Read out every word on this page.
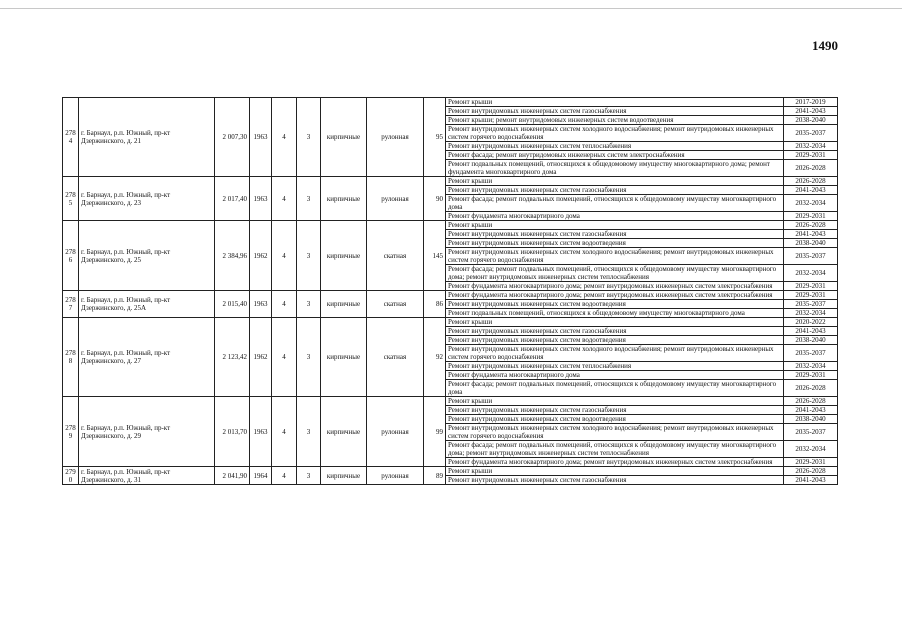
1490
278
4	г. Барнаул, р.п. Южный, пр-кт Дзержинского, д. 21	2 007,30	1963	4	3	кирпичные	рулонная	95	Ремонт крыши	2017-2019
									Ремонт внутридомовых инженерных систем газоснабжения	2041-2043
									Ремонт крыши; ремонт внутридомовых инженерных систем водоотведения	2038-2040
									Ремонт внутридомовых инженерных систем холодного водоснабжения; ремонт внутридомовых инженерных систем горячего водоснабжения	2035-2037
									Ремонт внутридомовых инженерных систем теплоснабжения	2032-2034
									Ремонт фасада; ремонт внутридомовых инженерных систем электроснабжения	2029-2031
									Ремонт подвальных помещений, относящихся к общедомовому имуществу многоквартирного дома; ремонт фундамента многоквартирного дома	2026-2028
278
5	г. Барнаул, р.п. Южный, пр-кт Дзержинского, д. 23	2 017,40	1963	4	3	кирпичные	рулонная	90	Ремонт крыши	2026-2028
									Ремонт внутридомовых инженерных систем газоснабжения	2041-2043
									Ремонт фасада; ремонт подвальных помещений, относящихся к общедомовому имуществу многоквартирного дома	2032-2034
									Ремонт фундамента многоквартирного дома	2029-2031
278
6	г. Барнаул, р.п. Южный, пр-кт Дзержинского, д. 25	2 384,96	1962	4	3	кирпичные	скатная	145	Ремонт крыши	2026-2028
									Ремонт внутридомовых инженерных систем газоснабжения	2041-2043
									Ремонт внутридомовых инженерных систем водоотведения	2038-2040
									Ремонт внутридомовых инженерных систем холодного водоснабжения; ремонт внутридомовых инженерных систем горячего водоснабжения	2035-2037
									Ремонт фасада; ремонт подвальных помещений, относящихся к общедомовому имуществу многоквартирного дома; ремонт внутридомовых инженерных систем теплоснабжения	2032-2034
									Ремонт фундамента многоквартирного дома; ремонт внутридомовых инженерных систем электроснабжения	2029-2031
278
7	г. Барнаул, р.п. Южный, пр-кт Дзержинского, д. 25А	2 015,40	1963	4	3	кирпичные	скатная	86	Ремонт фундамента многоквартирного дома; ремонт внутридомовых инженерных систем электроснабжения	2029-2031
									Ремонт внутридомовых инженерных систем водоотведения	2035-2037
									Ремонт подвальных помещений, относящихся к общедомовому имуществу многоквартирного дома	2032-2034
278
8	г. Барнаул, р.п. Южный, пр-кт Дзержинского, д. 27	2 123,42	1962	4	3	кирпичные	скатная	92	Ремонт крыши	2020-2022
									Ремонт внутридомовых инженерных систем газоснабжения	2041-2043
									Ремонт внутридомовых инженерных систем водоотведения	2038-2040
									Ремонт внутридомовых инженерных систем холодного водоснабжения; ремонт внутридомовых инженерных систем горячего водоснабжения	2035-2037
									Ремонт внутридомовых инженерных систем теплоснабжения	2032-2034
									Ремонт фундамента многоквартирного дома	2029-2031
									Ремонт фасада; ремонт подвальных помещений, относящихся к общедомовому имуществу многоквартирного дома	2026-2028
278
9	г. Барнаул, р.п. Южный, пр-кт Дзержинского, д. 29	2 013,70	1963	4	3	кирпичные	рулонная	99	Ремонт крыши	2026-2028
									Ремонт внутридомовых инженерных систем газоснабжения	2041-2043
									Ремонт внутридомовых инженерных систем водоотведения	2038-2040
									Ремонт внутридомовых инженерных систем холодного водоснабжения; ремонт внутридомовых инженерных систем горячего водоснабжения	2035-2037
									Ремонт фасада; ремонт подвальных помещений, относящихся к общедомовому имуществу многоквартирного дома; ремонт внутридомовых инженерных систем теплоснабжения	2032-2034
									Ремонт фундамента многоквартирного дома; ремонт внутридомовых инженерных систем электроснабжения	2029-2031
279
0	г. Барнаул, р.п. Южный, пр-кт Дзержинского, д. 31	2 041,90	1964	4	3	кирпичные	рулонная	89	Ремонт крыши	2026-2028
									Ремонт внутридомовых инженерных систем газоснабжения	2041-2043
